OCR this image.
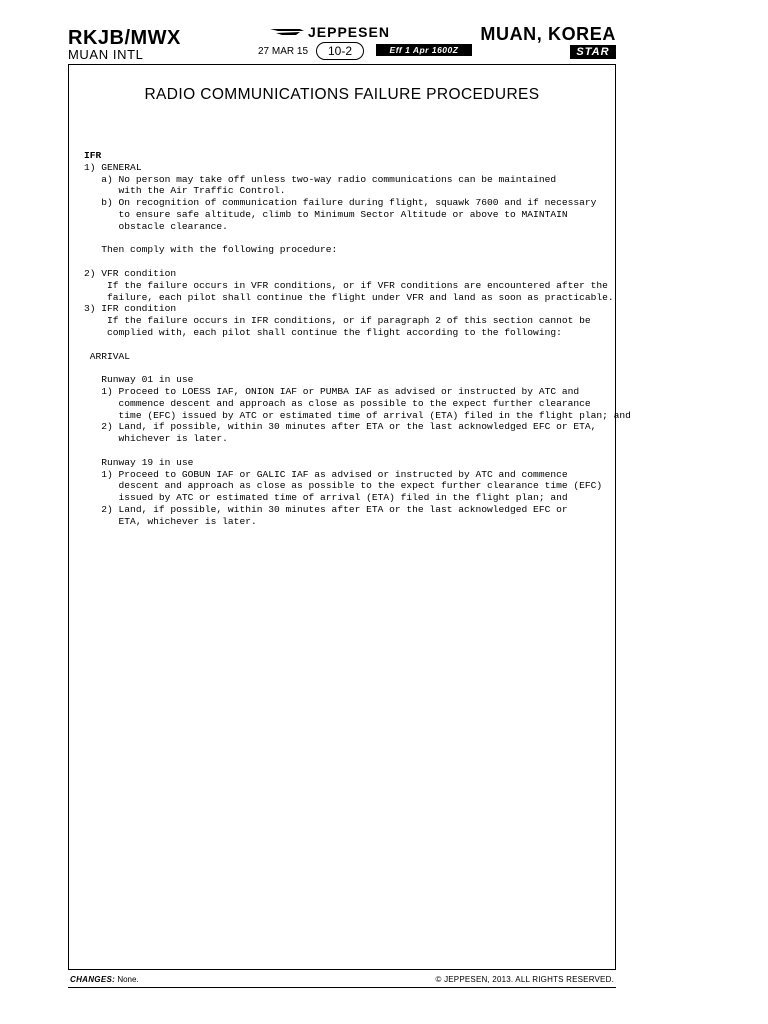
RKJB/MWX
MUAN INTL
JEPPESEN
27 MAR 15	10-2	Eff 1 Apr 1600Z
MUAN, KOREA
STAR
RADIO COMMUNICATIONS FAILURE PROCEDURES
IFR
1) GENERAL
a) No person may take off unless two-way radio communications can be maintained
with the Air Traffic Control.
b) On recognition of communication failure during flight, squawk 7600 and if necessary
to ensure safe altitude, climb to Minimum Sector Altitude or above to MAINTAIN
obstacle clearance.
Then comply with the following procedure:
2) VFR condition
If the failure occurs in VFR conditions, or if VFR conditions are encountered after the
failure, each pilot shall continue the flight under VFR and land as soon as practicable.
3) IFR condition
If the failure occurs in IFR conditions, or if paragraph 2 of this section cannot be
complied with, each pilot shall continue the flight according to the following:
ARRIVAL
Runway 01 in use
1) Proceed to LOESS IAF, ONION IAF or PUMBA IAF as advised or instructed by ATC and
commence descent and approach as close as possible to the expect further clearance
time (EFC) issued by ATC or estimated time of arrival (ETA) filed in the flight plan; and
2) Land, if possible, within 30 minutes after ETA or the last acknowledged EFC or ETA,
whichever is later.
Runway 19 in use
1) Proceed to GOBUN IAF or GALIC IAF as advised or instructed by ATC and commence
descent and approach as close as possible to the expect further clearance time (EFC)
issued by ATC or estimated time of arrival (ETA) filed in the flight plan; and
2) Land, if possible, within 30 minutes after ETA or the last acknowledged EFC or
ETA, whichever is later.
CHANGES: None.	© JEPPESEN, 2013. ALL RIGHTS RESERVED.
